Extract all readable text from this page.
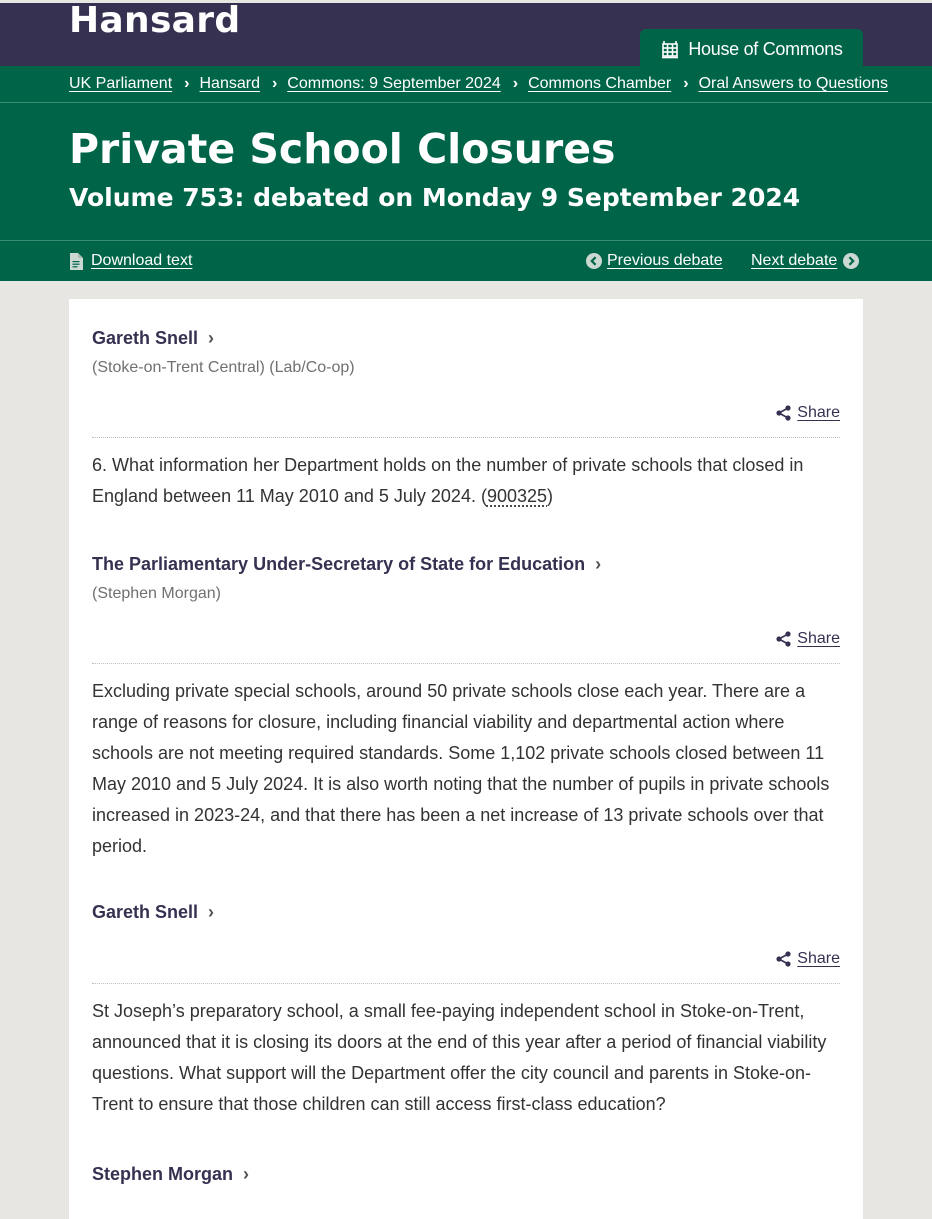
Hansard
House of Commons
UK Parliament › Hansard › Commons: 9 September 2024 › Commons Chamber › Oral Answers to Questions
Private School Closures
Volume 753: debated on Monday 9 September 2024
Download text	Previous debate Next debate
Gareth Snell ›
(Stoke-on-Trent Central) (Lab/Co-op)
Share

6. What information her Department holds on the number of private schools that closed in England between 11 May 2010 and 5 July 2024. (900325)

The Parliamentary Under-Secretary of State for Education ›
(Stephen Morgan)
Share

Excluding private special schools, around 50 private schools close each year. There are a range of reasons for closure, including financial viability and departmental action where schools are not meeting required standards. Some 1,102 private schools closed between 11 May 2010 and 5 July 2024. It is also worth noting that the number of pupils in private schools increased in 2023-24, and that there has been a net increase of 13 private schools over that period.

Gareth Snell ›
Share

St Joseph’s preparatory school, a small fee-paying independent school in Stoke-on-Trent, announced that it is closing its doors at the end of this year after a period of financial viability questions. What support will the Department offer the city council and parents in Stoke-on-Trent to ensure that those children can still access first-class education?

Stephen Morgan ›
